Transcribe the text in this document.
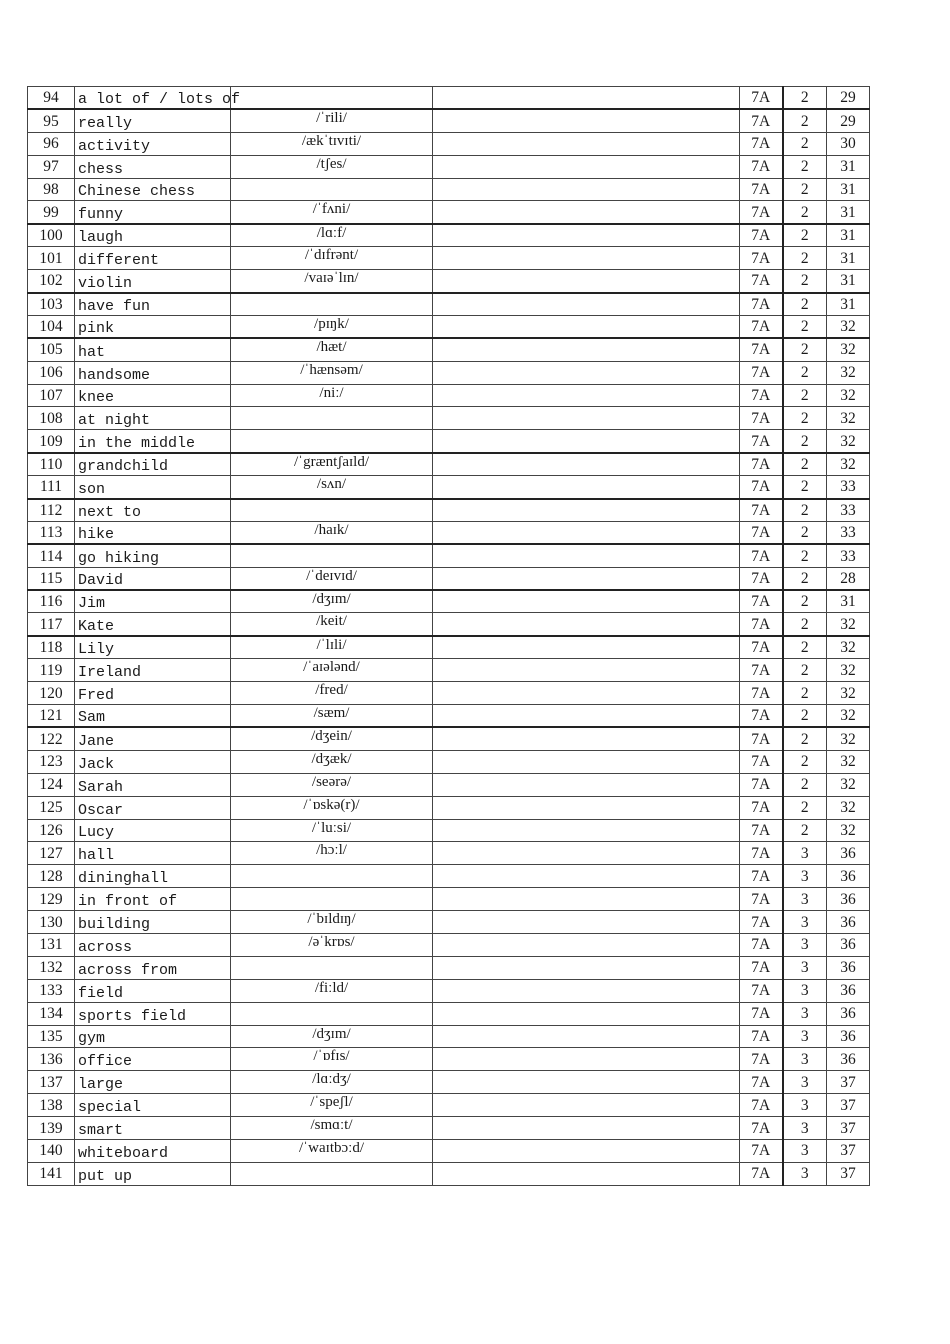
94	a lot of / lots of			7A	2	29
95	really	/ˈrili/		7A	2	29
96	activity	/ækˈtɪvɪti/		7A	2	30
97	chess	/tʃes/		7A	2	31
98	Chinese chess			7A	2	31
99	funny	/ˈfʌni/		7A	2	31
100	laugh	/lɑːf/		7A	2	31
101	different	/ˈdɪfrənt/		7A	2	31
102	violin	/vaɪəˈlɪn/		7A	2	31
103	have fun			7A	2	31
104	pink	/pɪŋk/		7A	2	32
105	hat	/hæt/		7A	2	32
106	handsome	/ˈhænsəm/		7A	2	32
107	knee	/niː/		7A	2	32
108	at night			7A	2	32
109	in the middle			7A	2	32
110	grandchild	/ˈgræntʃaɪld/		7A	2	32
111	son	/sʌn/		7A	2	33
112	next to			7A	2	33
113	hike	/haɪk/		7A	2	33
114	go hiking			7A	2	33
115	David	/ˈdeɪvɪd/		7A	2	28
116	Jim	/dʒɪm/		7A	2	31
117	Kate	/keit/		7A	2	32
118	Lily	/ˈlɪli/		7A	2	32
119	Ireland	/ˈaɪələnd/		7A	2	32
120	Fred	/fred/		7A	2	32
121	Sam	/sæm/		7A	2	32
122	Jane	/dʒein/		7A	2	32
123	Jack	/dʒæk/		7A	2	32
124	Sarah	/seərə/		7A	2	32
125	Oscar	/ˈɒskə(r)/		7A	2	32
126	Lucy	/ˈluːsi/		7A	2	32
127	hall	/hɔːl/		7A	3	36
128	dininghall			7A	3	36
129	in front of			7A	3	36
130	building	/ˈbɪldɪŋ/		7A	3	36
131	across	/əˈkrɒs/		7A	3	36
132	across from			7A	3	36
133	field	/fiːld/		7A	3	36
134	sports field			7A	3	36
135	gym	/dʒɪm/		7A	3	36
136	office	/ˈɒfɪs/		7A	3	36
137	large	/lɑːdʒ/		7A	3	37
138	special	/ˈspeʃl/		7A	3	37
139	smart	/smɑːt/		7A	3	37
140	whiteboard	/ˈwaɪtbɔːd/		7A	3	37
141	put up			7A	3	37
